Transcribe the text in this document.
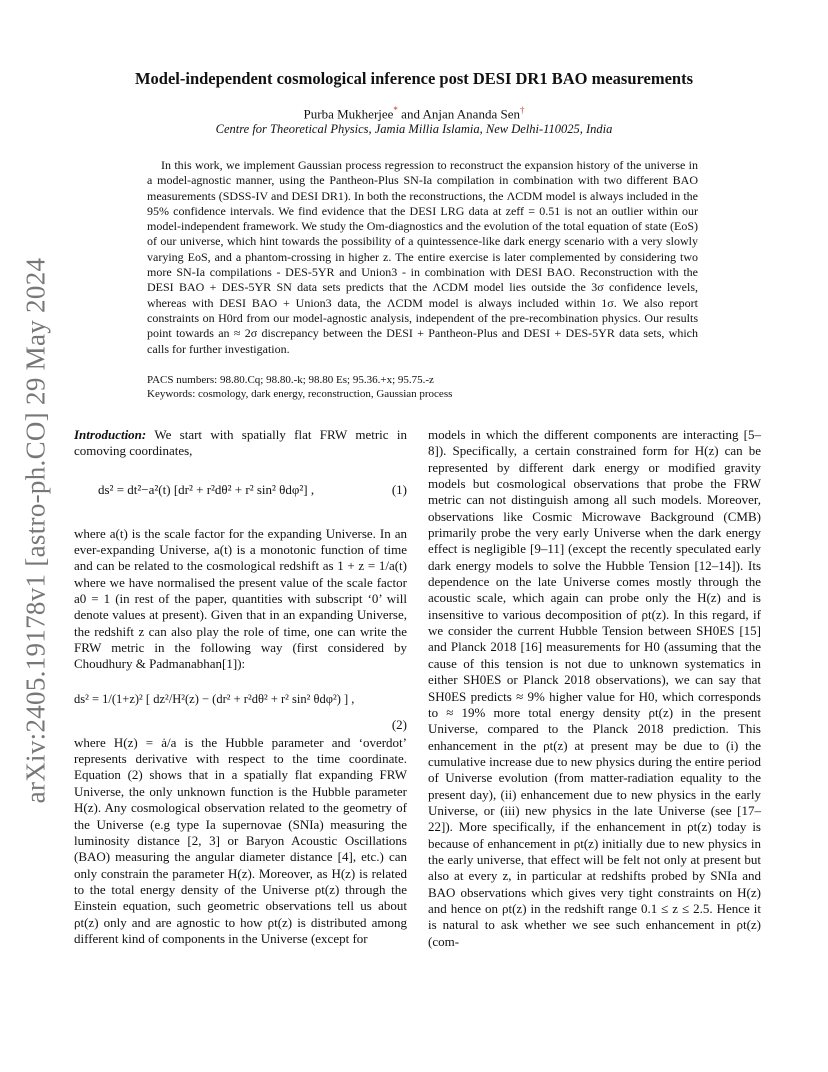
arXiv:2405.19178v1 [astro-ph.CO] 29 May 2024
Model-independent cosmological inference post DESI DR1 BAO measurements
Purba Mukherjee* and Anjan Ananda Sen†
Centre for Theoretical Physics, Jamia Millia Islamia, New Delhi-110025, India

In this work, we implement Gaussian process regression to reconstruct the expansion history of the universe in a model-agnostic manner, using the Pantheon-Plus SN-Ia compilation in combination with two different BAO measurements (SDSS-IV and DESI DR1). In both the reconstructions, the ΛCDM model is always included in the 95% confidence intervals. We find evidence that the DESI LRG data at zeff = 0.51 is not an outlier within our model-independent framework. We study the Om-diagnostics and the evolution of the total equation of state (EoS) of our universe, which hint towards the possibility of a quintessence-like dark energy scenario with a very slowly varying EoS, and a phantom-crossing in higher z. The entire exercise is later complemented by considering two more SN-Ia compilations - DES-5YR and Union3 - in combination with DESI BAO. Reconstruction with the DESI BAO + DES-5YR SN data sets predicts that the ΛCDM model lies outside the 3σ confidence levels, whereas with DESI BAO + Union3 data, the ΛCDM model is always included within 1σ. We also report constraints on H0rd from our model-agnostic analysis, independent of the pre-recombination physics. Our results point towards an ≈ 2σ discrepancy between the DESI + Pantheon-Plus and DESI + DES-5YR data sets, which calls for further investigation.

PACS numbers: 98.80.Cq; 98.80.-k; 98.80 Es; 95.36.+x; 95.75.-z

Keywords: cosmology, dark energy, reconstruction, Gaussian process

Introduction: We start with spatially flat FRW metric in comoving coordinates,

ds² = dt²−a²(t) [dr² + r²dθ² + r² sin² θdφ²] ,	(1)

where a(t) is the scale factor for the expanding Universe. In an ever-expanding Universe, a(t) is a monotonic function of time and can be related to the cosmological redshift as 1 + z = 1/a(t) where we have normalised the present value of the scale factor a0 = 1 (in rest of the paper, quantities with subscript ‘0’ will denote values at present). Given that in an expanding Universe, the redshift z can also play the role of time, one can write the FRW metric in the following way (first considered by Choudhury & Padmanabhan[1]):

ds² = 1/(1+z)² [ dz²/H²(z) − (dr² + r²dθ² + r² sin² θdφ²) ] ,
(2)

where H(z) = ȧ/a is the Hubble parameter and ‘overdot’ represents derivative with respect to the time coordinate. Equation (2) shows that in a spatially flat expanding FRW Universe, the only unknown function is the Hubble parameter H(z). Any cosmological observation related to the geometry of the Universe (e.g type Ia supernovae (SNIa) measuring the luminosity distance [2, 3] or Baryon Acoustic Oscillations (BAO) measuring the angular diameter distance [4], etc.) can only constrain the parameter H(z). Moreover, as H(z) is related to the total energy density of the Universe ρt(z) through the Einstein equation, such geometric observations tell us about ρt(z) only and are agnostic to how ρt(z) is distributed among different kind of components in the Universe (except for

models in which the different components are interacting [5–8]). Specifically, a certain constrained form for H(z) can be represented by different dark energy or modified gravity models but cosmological observations that probe the FRW metric can not distinguish among all such models. Moreover, observations like Cosmic Microwave Background (CMB) primarily probe the very early Universe when the dark energy effect is negligible [9–11] (except the recently speculated early dark energy models to solve the Hubble Tension [12–14]). Its dependence on the late Universe comes mostly through the acoustic scale, which again can probe only the H(z) and is insensitive to various decomposition of ρt(z). In this regard, if we consider the current Hubble Tension between SH0ES [15] and Planck 2018 [16] measurements for H0 (assuming that the cause of this tension is not due to unknown systematics in either SH0ES or Planck 2018 observations), we can say that SH0ES predicts ≈ 9% higher value for H0, which corresponds to ≈ 19% more total energy density ρt(z) in the present Universe, compared to the Planck 2018 prediction. This enhancement in the ρt(z) at present may be due to (i) the cumulative increase due to new physics during the entire period of Universe evolution (from matter-radiation equality to the present day), (ii) enhancement due to new physics in the early Universe, or (iii) new physics in the late Universe (see [17–22]). More specifically, if the enhancement in ρt(z) today is because of enhancement in ρt(z) initially due to new physics in the early universe, that effect will be felt not only at present but also at every z, in particular at redshifts probed by SNIa and BAO observations which gives very tight constraints on H(z) and hence on ρt(z) in the redshift range 0.1 ≤ z ≤ 2.5. Hence it is natural to ask whether we see such enhancement in ρt(z) (com-
